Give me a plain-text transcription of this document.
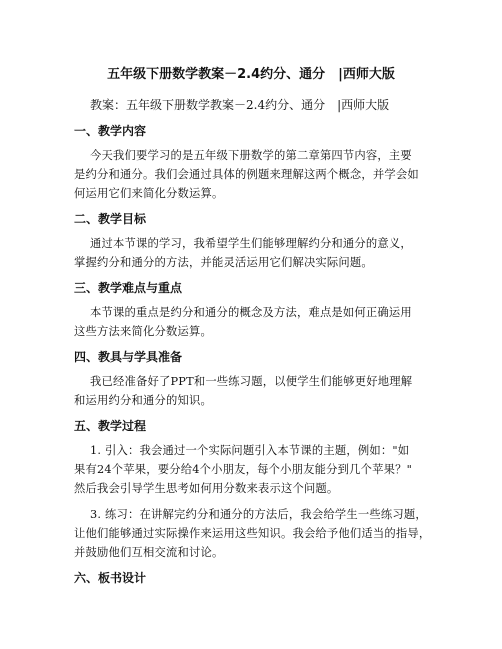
五年级下册数学教案－2.4约分、通分　|西师大版
教案：五年级下册数学教案－2.4约分、通分　|西师大版
一、教学内容
今天我们要学习的是五年级下册数学的第二章第四节内容，主要
是约分和通分。我们会通过具体的例题来理解这两个概念，并学会如
何运用它们来简化分数运算。
二、教学目标
通过本节课的学习，我希望学生们能够理解约分和通分的意义，
掌握约分和通分的方法，并能灵活运用它们解决实际问题。
三、教学难点与重点
本节课的重点是约分和通分的概念及方法，难点是如何正确运用
这些方法来简化分数运算。
四、教具与学具准备
我已经准备好了PPT和一些练习题，以便学生们能够更好地理解
和运用约分和通分的知识。
五、教学过程
1. 引入：我会通过一个实际问题引入本节课的主题，例如："如
果有24个苹果，要分给4个小朋友，每个小朋友能分到几个苹果？"
然后我会引导学生思考如何用分数来表示这个问题。
3. 练习：在讲解完约分和通分的方法后，我会给学生一些练习题，
让他们能够通过实际操作来运用这些知识。我会给予他们适当的指导，
并鼓励他们互相交流和讨论。
六、板书设计
